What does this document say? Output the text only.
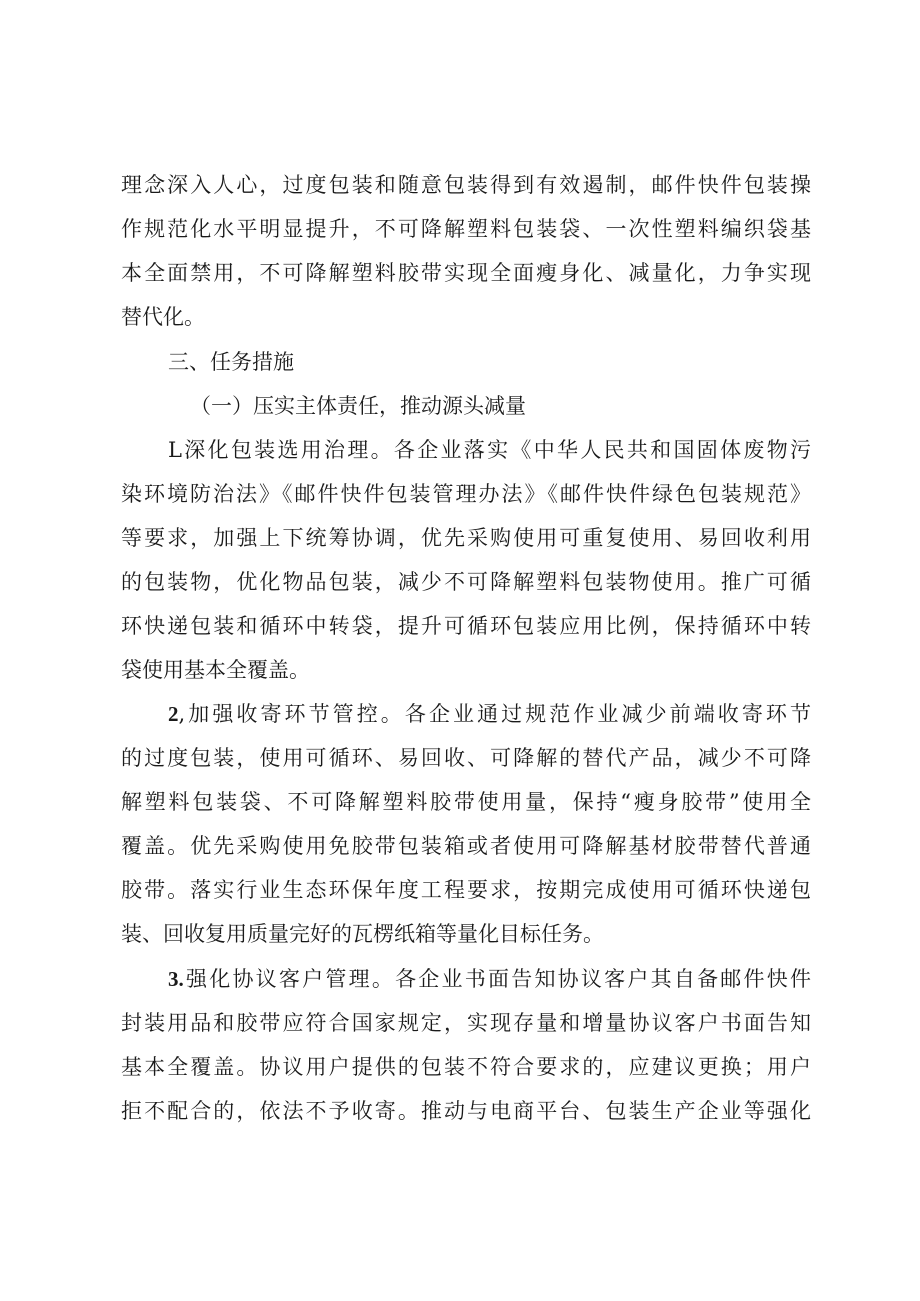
理念深入人心，过度包装和随意包装得到有效遏制，邮件快件包装操
作规范化水平明显提升，不可降解塑料包装袋、一次性塑料编织袋基
本全面禁用，不可降解塑料胶带实现全面瘦身化、减量化，力争实现
替代化。
三、任务措施
（一）压实主体责任，推动源头减量
L深化包装选用治理。各企业落实《中华人民共和国固体废物污
染环境防治法》《邮件快件包装管理办法》《邮件快件绿色包装规范》
等要求，加强上下统筹协调，优先采购使用可重复使用、易回收利用
的包装物，优化物品包装，减少不可降解塑料包装物使用。推广可循
环快递包装和循环中转袋，提升可循环包装应用比例，保持循环中转
袋使用基本全覆盖。
2,加强收寄环节管控。各企业通过规范作业减少前端收寄环节
的过度包装，使用可循环、易回收、可降解的替代产品，减少不可降
解塑料包装袋、不可降解塑料胶带使用量，保持“瘦身胶带”使用全
覆盖。优先采购使用免胶带包装箱或者使用可降解基材胶带替代普通
胶带。落实行业生态环保年度工程要求，按期完成使用可循环快递包
装、回收复用质量完好的瓦楞纸箱等量化目标任务。
3.强化协议客户管理。各企业书面告知协议客户其自备邮件快件
封装用品和胶带应符合国家规定，实现存量和增量协议客户书面告知
基本全覆盖。协议用户提供的包装不符合要求的，应建议更换；用户
拒不配合的，依法不予收寄。推动与电商平台、包装生产企业等强化
